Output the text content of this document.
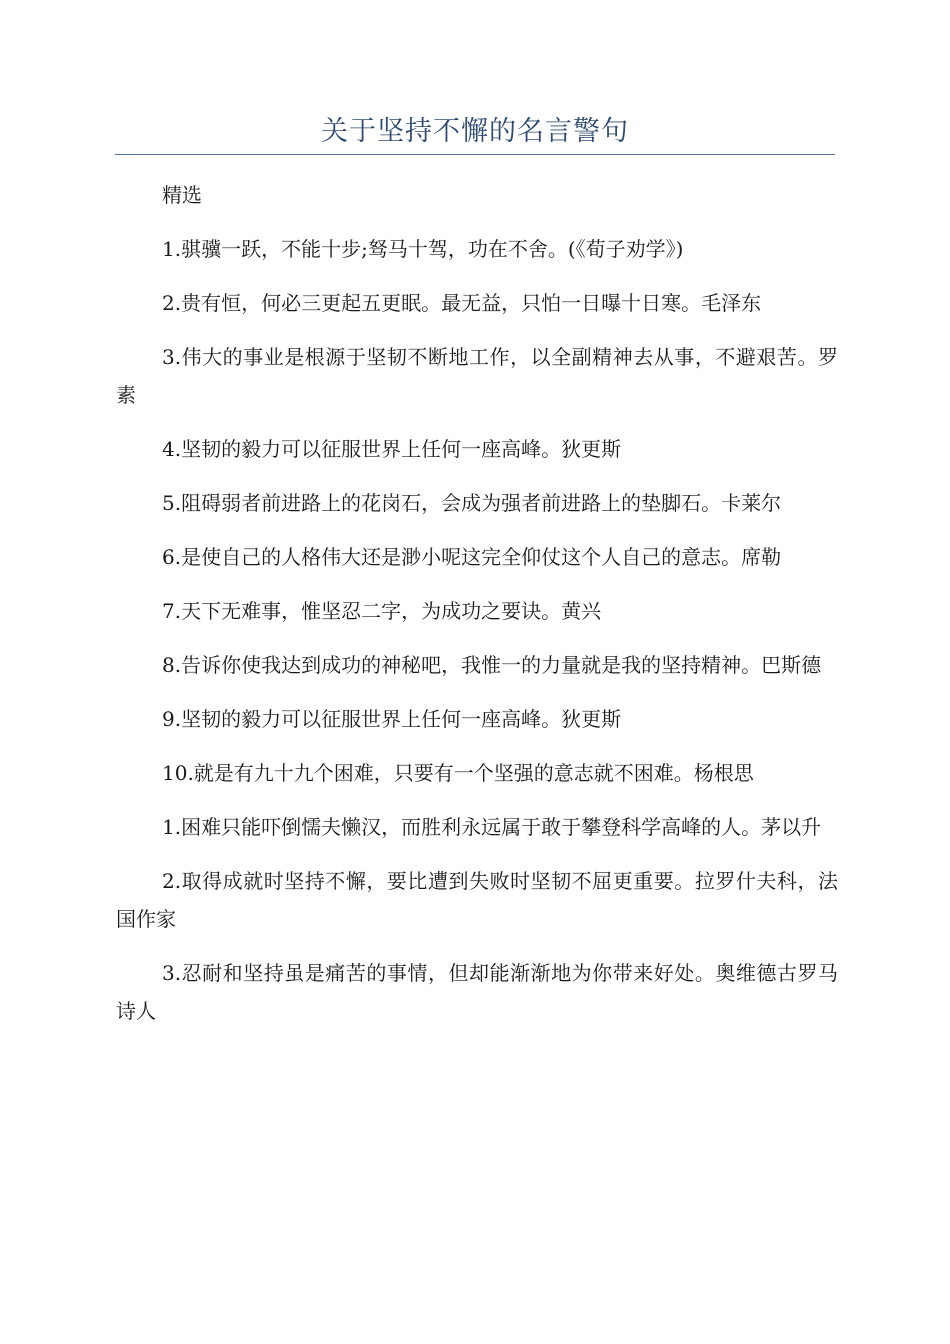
关于坚持不懈的名言警句

精选

1.骐骥一跃，不能十步;驽马十驾，功在不舍。(《荀子劝学》)

2.贵有恒，何必三更起五更眠。最无益，只怕一日曝十日寒。毛泽东

3.伟大的事业是根源于坚韧不断地工作，以全副精神去从事，不避艰苦。罗素

4.坚韧的毅力可以征服世界上任何一座高峰。狄更斯

5.阻碍弱者前进路上的花岗石，会成为强者前进路上的垫脚石。卡莱尔

6.是使自己的人格伟大还是渺小呢这完全仰仗这个人自己的意志。席勒

7.天下无难事，惟坚忍二字，为成功之要诀。黄兴

8.告诉你使我达到成功的神秘吧，我惟一的力量就是我的坚持精神。巴斯德

9.坚韧的毅力可以征服世界上任何一座高峰。狄更斯

10.就是有九十九个困难，只要有一个坚强的意志就不困难。杨根思

1.困难只能吓倒懦夫懒汉，而胜利永远属于敢于攀登科学高峰的人。茅以升

2.取得成就时坚持不懈，要比遭到失败时坚韧不屈更重要。拉罗什夫科，法国作家

3.忍耐和坚持虽是痛苦的事情，但却能渐渐地为你带来好处。奥维德古罗马诗人
